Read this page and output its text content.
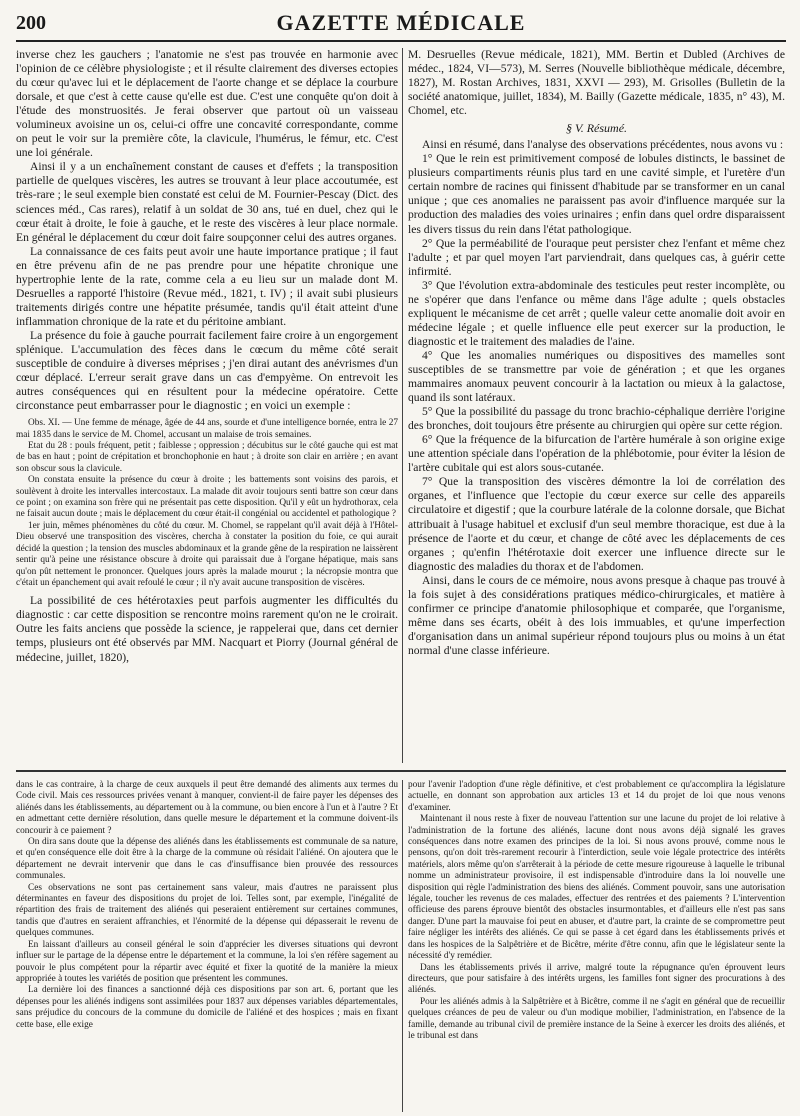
200	GAZETTE MÉDICALE

inverse chez les gauchers ; l'anatomie ne s'est pas trouvée en harmonie avec l'opinion de ce célèbre physiologiste ; et il résulte clairement des diverses ectopies du cœur qu'avec lui et le déplacement de l'aorte change et se déplace la courbure dorsale, et que c'est à cette cause qu'elle est due. C'est une conquête qu'on doit à l'étude des monstruosités. Je ferai observer que partout où un vaisseau volumineux avoisine un os, celui-ci offre une concavité correspondante, comme on peut le voir sur la première côte, la clavicule, l'humérus, le fémur, etc. C'est une loi générale.

Ainsi il y a un enchaînement constant de causes et d'effets ; la transposition partielle de quelques viscères, les autres se trouvant à leur place accoutumée, est très-rare ; le seul exemple bien constaté est celui de M. Fournier-Pescay (Dict. des sciences méd., Cas rares), relatif à un soldat de 30 ans, tué en duel, chez qui le cœur était à droite, le foie à gauche, et le reste des viscères à leur place normale. En général le déplacement du cœur doit faire soupçonner celui des autres organes.

La connaissance de ces faits peut avoir une haute importance pratique ; il faut en être prévenu afin de ne pas prendre pour une hépatite chronique une hypertrophie lente de la rate, comme cela a eu lieu sur un malade dont M. Desruelles a rapporté l'histoire (Revue méd., 1821, t. IV) ; il avait subi plusieurs traitements dirigés contre une hépatite présumée, tandis qu'il était atteint d'une inflammation chronique de la rate et du péritoine ambiant.

La présence du foie à gauche pourrait facilement faire croire à un engorgement splénique. L'accumulation des fèces dans le cœcum du même côté serait susceptible de conduire à diverses méprises ; j'en dirai autant des anévrismes d'un cœur déplacé. L'erreur serait grave dans un cas d'empyème. On entrevoit les autres conséquences qui en résultent pour la médecine opératoire. Cette circonstance peut embarrasser pour le diagnostic ; en voici un exemple :

Obs. XI. — Une femme de ménage, âgée de 44 ans, sourde et d'une intelligence bornée, entra le 27 mai 1835 dans le service de M. Chomel, accusant un malaise de trois semaines.

Etat du 28 : pouls fréquent, petit ; faiblesse ; oppression ; décubitus sur le côté gauche qui est mat de bas en haut ; point de crépitation et bronchophonie en haut ; à droite son clair en arrière ; en avant son obscur sous la clavicule.

On constata ensuite la présence du cœur à droite ; les battements sont voisins des parois, et soulèvent à droite les intervalles intercostaux. La malade dit avoir toujours senti battre son cœur dans ce point ; on examina son frère qui ne présentait pas cette disposition. Qu'il y eût un hydrothorax, cela ne faisait aucun doute ; mais le déplacement du cœur était-il congénial ou accidentel et pathologique ?

1er juin, mêmes phénomènes du côté du cœur. M. Chomel, se rappelant qu'il avait déjà à l'Hôtel-Dieu observé une transposition des viscères, chercha à constater la position du foie, ce qui aurait décidé la question ; la tension des muscles abdominaux et la grande gêne de la respiration ne laissèrent sentir qu'à peine une résistance obscure à droite qui paraissait due à l'organe hépatique, mais sans qu'on pût nettement le prononcer. Quelques jours après la malade mourut ; la nécropsie montra que c'était un épanchement qui avait refoulé le cœur ; il n'y avait aucune transposition de viscères.

La possibilité de ces hétérotaxies peut parfois augmenter les difficultés du diagnostic : car cette disposition se rencontre moins rarement qu'on ne le croirait. Outre les faits anciens que possède la science, je rappelerai que, dans cet dernier temps, plusieurs ont été observés par MM. Nacquart et Piorry (Journal général de médecine, juillet, 1820),

M. Desruelles (Revue médicale, 1821), MM. Bertin et Dubled (Archives de médec., 1824, VI—573), M. Serres (Nouvelle bibliothèque médicale, décembre, 1827), M. Rostan Archives, 1831, XXVI — 293), M. Grisolles (Bulletin de la société anatomique, juillet, 1834), M. Bailly (Gazette médicale, 1835, n° 43), M. Chomel, etc.

§ V. Résumé.

Ainsi en résumé, dans l'analyse des observations précédentes, nous avons vu :

1° Que le rein est primitivement composé de lobules distincts, le bassinet de plusieurs compartiments réunis plus tard en une cavité simple, et l'uretère d'un certain nombre de racines qui finissent d'habitude par se transformer en un canal unique ; que ces anomalies ne paraissent pas avoir d'influence marquée sur la production des maladies des voies urinaires ; enfin dans quel ordre disparaissent les divers tissus du rein dans l'état pathologique.

2° Que la perméabilité de l'ouraque peut persister chez l'enfant et même chez l'adulte ; et par quel moyen l'art parviendrait, dans quelques cas, à guérir cette infirmité.

3° Que l'évolution extra-abdominale des testicules peut rester incomplète, ou ne s'opérer que dans l'enfance ou même dans l'âge adulte ; quels obstacles expliquent le mécanisme de cet arrêt ; quelle valeur cette anomalie doit avoir en médecine légale ; et quelle influence elle peut exercer sur la production, le diagnostic et le traitement des maladies de l'aine.

4° Que les anomalies numériques ou dispositives des mamelles sont susceptibles de se transmettre par voie de génération ; et que les organes mammaires anomaux peuvent concourir à la lactation ou mieux à la galactose, quand ils sont latéraux.

5° Que la possibilité du passage du tronc brachio-céphalique derrière l'origine des bronches, doit toujours être présente au chirurgien qui opère sur cette région.

6° Que la fréquence de la bifurcation de l'artère humérale à son origine exige une attention spéciale dans l'opération de la phlébotomie, pour éviter la lésion de l'artère cubitale qui est alors sous-cutanée.

7° Que la transposition des viscères démontre la loi de corrélation des organes, et l'influence que l'ectopie du cœur exerce sur celle des appareils circulatoire et digestif ; que la courbure latérale de la colonne dorsale, que Bichat attribuait à l'usage habituel et exclusif d'un seul membre thoracique, est due à la présence de l'aorte et du cœur, et change de côté avec les déplacements de ces organes ; qu'enfin l'hétérotaxie doit exercer une influence directe sur le diagnostic des maladies du thorax et de l'abdomen.

Ainsi, dans le cours de ce mémoire, nous avons presque à chaque pas trouvé à la fois sujet à des considérations pratiques médico-chirurgicales, et matière à confirmer ce principe d'anatomie philosophique et comparée, que l'organisme, même dans ses écarts, obéit à des lois immuables, et qu'une imperfection d'organisation dans un animal supérieur répond toujours plus ou moins à un état normal d'une classe inférieure.

dans le cas contraire, à la charge de ceux auxquels il peut être demandé des aliments aux termes du Code civil. Mais ces ressources privées venant à manquer, convient-il de faire payer les dépenses des aliénés dans les établissements, au département ou à la commune, ou bien encore à l'un et à l'autre ? Et en admettant cette dernière résolution, dans quelle mesure le département et la commune doivent-ils concourir à ce paiement ?

On dira sans doute que la dépense des aliénés dans les établissements est communale de sa nature, et qu'en conséquence elle doit être à la charge de la commune où résidait l'aliéné. On ajoutera que le département ne devrait intervenir que dans le cas d'insuffisance bien prouvée des ressources communales.

Ces observations ne sont pas certainement sans valeur, mais d'autres ne paraissent plus déterminantes en faveur des dispositions du projet de loi. Telles sont, par exemple, l'inégalité de répartition des frais de traitement des aliénés qui peseraient entièrement sur certaines communes, tandis que d'autres en seraient affranchies, et l'énormité de la dépense qui dépasserait le revenu de quelques communes.

En laissant d'ailleurs au conseil général le soin d'apprécier les diverses situations qui devront influer sur le partage de la dépense entre le département et la commune, la loi s'en réfère sagement au pouvoir le plus compétent pour la répartir avec équité et fixer la quotité de la manière la mieux appropriée à toutes les variétés de position que présentent les communes.

La dernière loi des finances a sanctionné déjà ces dispositions par son art. 6, portant que les dépenses pour les aliénés indigens sont assimilées pour 1837 aux dépenses variables départementales, sans préjudice du concours de la commune du domicile de l'aliéné et des hospices ; mais en fixant cette base, elle exige

pour l'avenir l'adoption d'une règle définitive, et c'est probablement ce qu'accomplira la législature actuelle, en donnant son approbation aux articles 13 et 14 du projet de loi que nous venons d'examiner.

Maintenant il nous reste à fixer de nouveau l'attention sur une lacune du projet de loi relative à l'administration de la fortune des aliénés, lacune dont nous avons déjà signalé les graves conséquences dans notre examen des principes de la loi. Si nous avons prouvé, comme nous le pensons, qu'on doit très-rarement recourir à l'interdiction, seule voie légale protectrice des intérêts matériels, alors même qu'on s'arrêterait à la période de cette mesure rigoureuse à laquelle le tribunal nomme un administrateur provisoire, il est indispensable d'introduire dans la loi nouvelle une disposition qui règle l'administration des biens des aliénés. Comment pouvoir, sans une autorisation légale, toucher les revenus de ces malades, effectuer des rentrées et des paiements ? L'intervention officieuse des parens éprouve bientôt des obstacles insurmontables, et d'ailleurs elle n'est pas sans danger. D'une part la mauvaise foi peut en abuser, et d'autre part, la crainte de se compromettre peut faire négliger les intérêts des aliénés. Ce qui se passe à cet égard dans les établissements privés et dans les hospices de la Salpêtrière et de Bicêtre, mérite d'être connu, afin que le législateur sente la nécessité d'y remédier.

Dans les établissements privés il arrive, malgré toute la répugnance qu'en éprouvent leurs directeurs, que pour satisfaire à des intérêts urgens, les familles font signer des procurations à des aliénés.

Pour les aliénés admis à la Salpêtrière et à Bicêtre, comme il ne s'agit en général que de recueillir quelques créances de peu de valeur ou d'un modique mobilier, l'administration, en l'absence de la famille, demande au tribunal civil de première instance de la Seine à exercer les droits des aliénés, et le tribunal est dans
